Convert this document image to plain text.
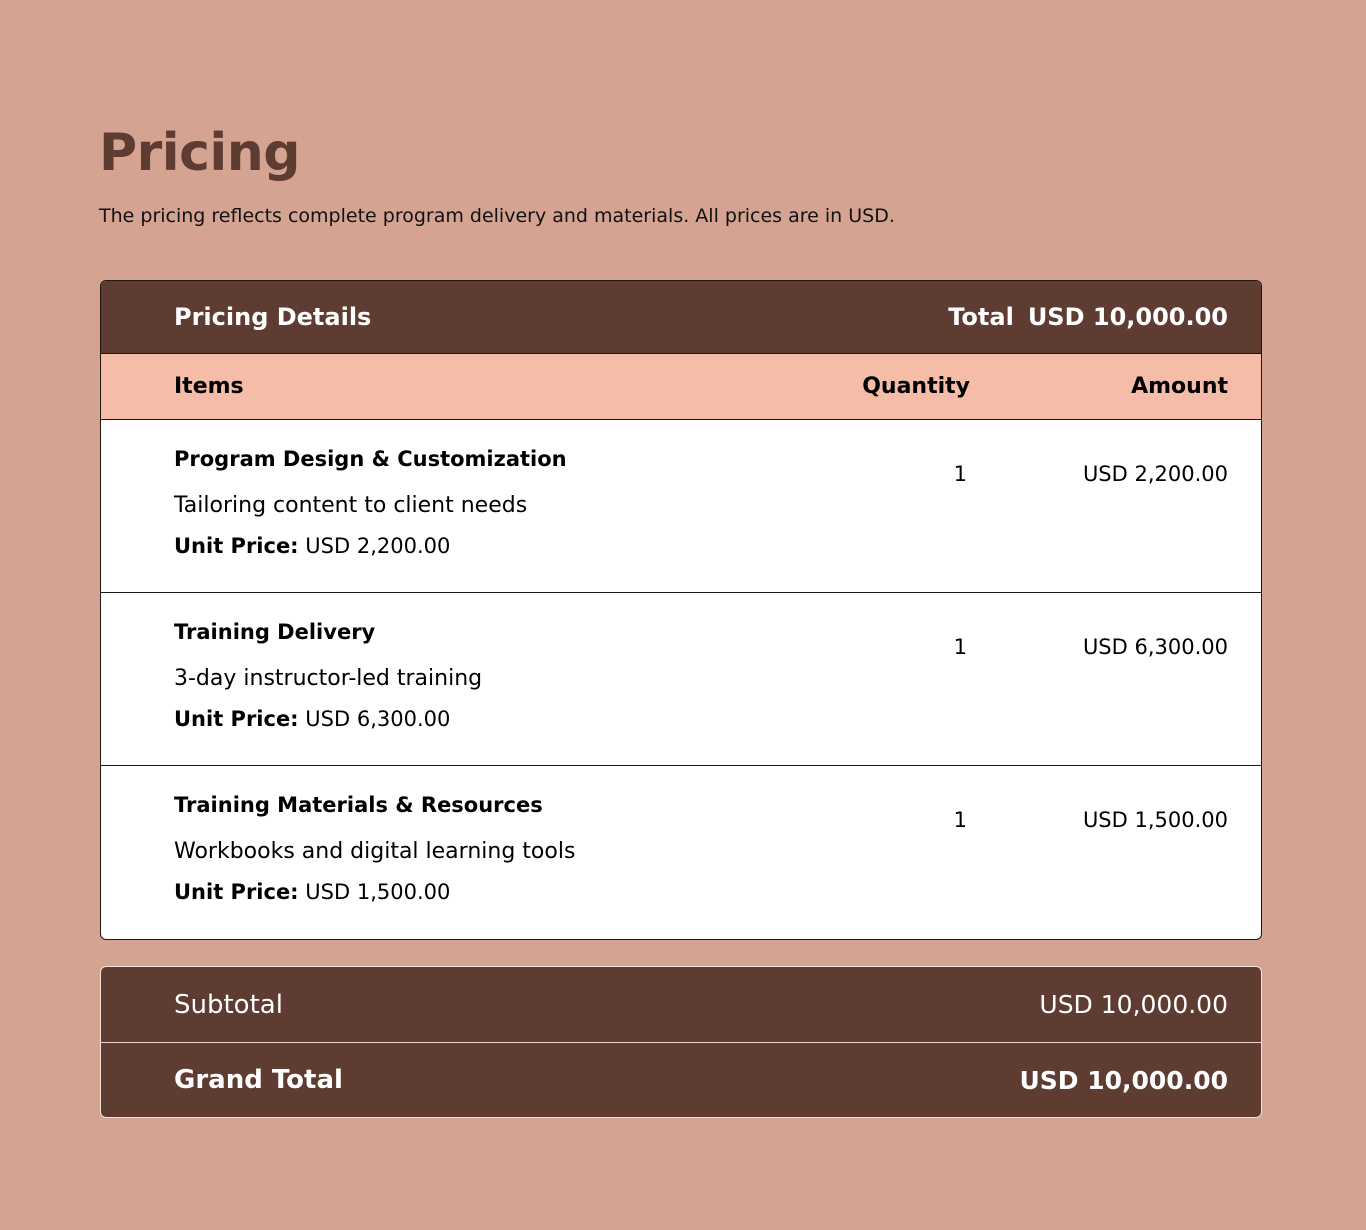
Pricing

The pricing reflects complete program delivery and materials. All prices are in USD.

Pricing Details	Total USD 10,000.00
Items	Quantity	Amount
Program Design & Customization
Tailoring content to client needs
Unit Price: USD 2,200.00
1	USD 2,200.00
Training Delivery
3-day instructor-led training
Unit Price: USD 6,300.00
1	USD 6,300.00
Training Materials & Resources
Workbooks and digital learning tools
Unit Price: USD 1,500.00
1	USD 1,500.00
Subtotal	USD 10,000.00
Grand Total	USD 10,000.00
